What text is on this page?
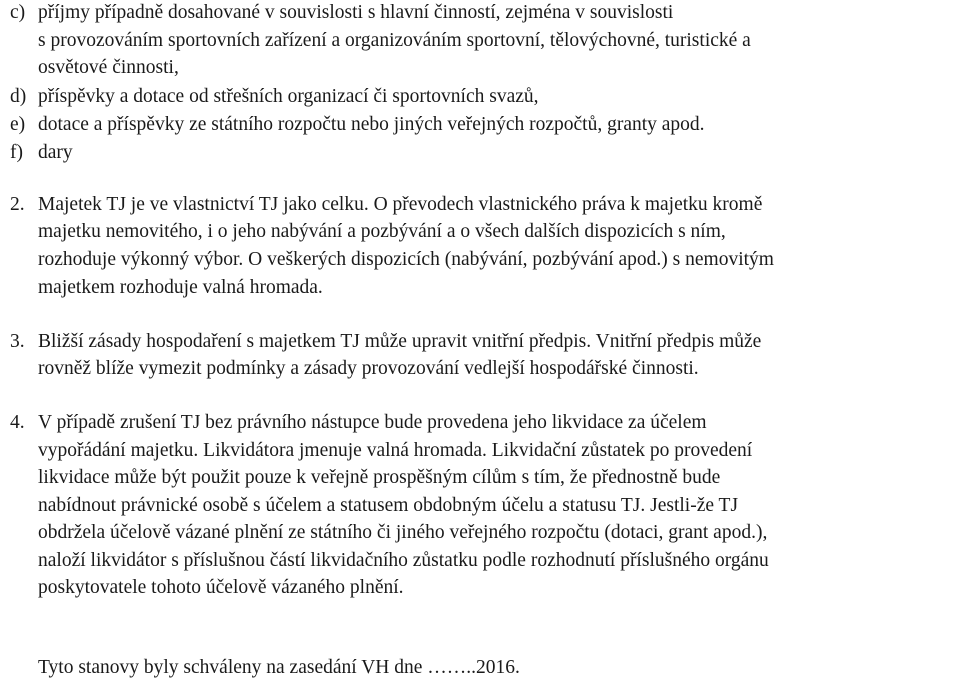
c) příjmy případně dosahované v souvislosti s hlavní činností, zejména v souvislosti
s provozováním sportovních zařízení a organizováním sportovní, tělovýchovné, turistické a
osvětové činnosti,
d) příspěvky a dotace od střešních organizací či sportovních svazů,
e) dotace a příspěvky ze státního rozpočtu nebo jiných veřejných rozpočtů, granty apod.
f) dary
2. Majetek TJ je ve vlastnictví TJ jako celku. O převodech vlastnického práva k majetku kromě
majetku nemovitého, i o jeho nabývání a pozbývání a o všech dalších dispozicích s ním,
rozhoduje výkonný výbor. O veškerých dispozicích (nabývání, pozbývání apod.) s nemovitým
majetkem rozhoduje valná hromada.
3. Bližší zásady hospodaření s majetkem TJ může upravit vnitřní předpis. Vnitřní předpis může
rovněž blíže vymezit podmínky a zásady provozování vedlejší hospodářské činnosti.
4. V případě zrušení TJ bez právního nástupce bude provedena jeho likvidace za účelem
vypořádání majetku. Likvidátora jmenuje valná hromada. Likvidační zůstatek po provedení
likvidace může být použit pouze k veřejně prospěšným cílům s tím, že přednostně bude
nabídnout právnické osobě s účelem a statusem obdobným účelu a statusu TJ. Jestli-že TJ
obdržela účelově vázané plnění ze státního či jiného veřejného rozpočtu (dotaci, grant apod.),
naloží likvidátor s příslušnou částí likvidačního zůstatku podle rozhodnutí příslušného orgánu
poskytovatele tohoto účelově vázaného plnění.
Tyto stanovy byly schváleny na zasedání VH dne ……..2016.
